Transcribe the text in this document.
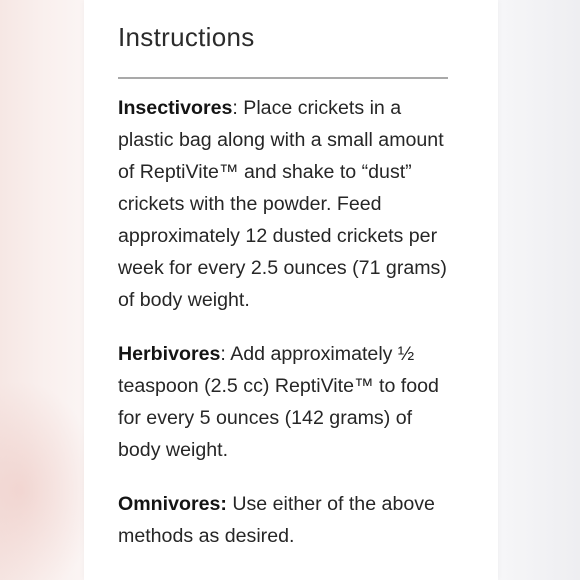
Instructions

Insectivores: Place crickets in a plastic bag along with a small amount of ReptiVite™ and shake to “dust” crickets with the powder. Feed approximately 12 dusted crickets per week for every 2.5 ounces (71 grams) of body weight.

Herbivores: Add approximately ½ teaspoon (2.5 cc) ReptiVite™ to food for every 5 ounces (142 grams) of body weight.

Omnivores: Use either of the above methods as desired.
